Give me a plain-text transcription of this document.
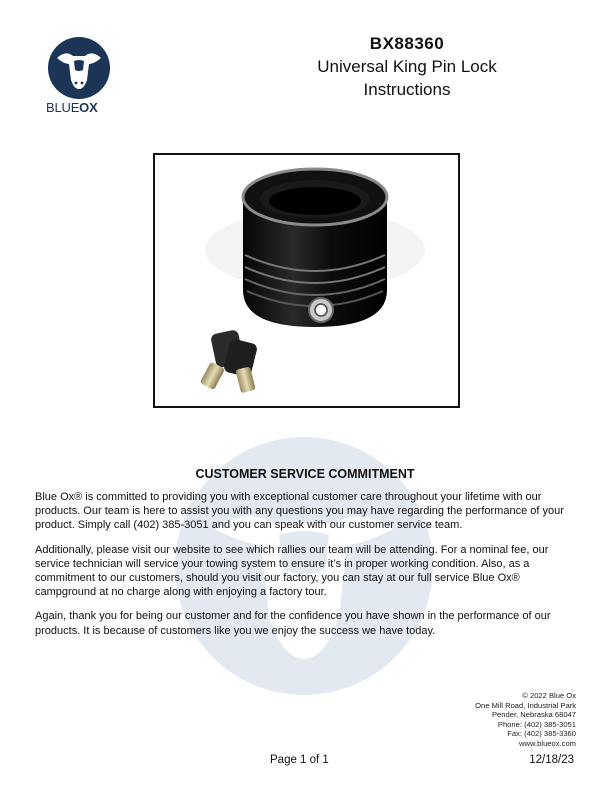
BLUEOX
BX88360
Universal King Pin Lock
Instructions
CUSTOMER SERVICE COMMITMENT

Blue Ox® is committed to providing you with exceptional customer care throughout your lifetime with our products. Our team is here to assist you with any questions you may have regarding the performance of your product. Simply call (402) 385-3051 and you can speak with our customer service team.

Additionally, please visit our website to see which rallies our team will be attending. For a nominal fee, our service technician will service your towing system to ensure it’s in proper working condition. Also, as a commitment to our customers, should you visit our factory, you can stay at our full service Blue Ox® campground at no charge along with enjoying a factory tour.

Again, thank you for being our customer and for the confidence you have shown in the performance of our products. It is because of customers like you we enjoy the success we have today.

© 2022 Blue Ox
One Mill Road, Industrial Park
Pender, Nebraska 68047
Phone: (402) 385-3051
Fax: (402) 385-3360
www.blueox.com
Page 1 of 1	12/18/23
